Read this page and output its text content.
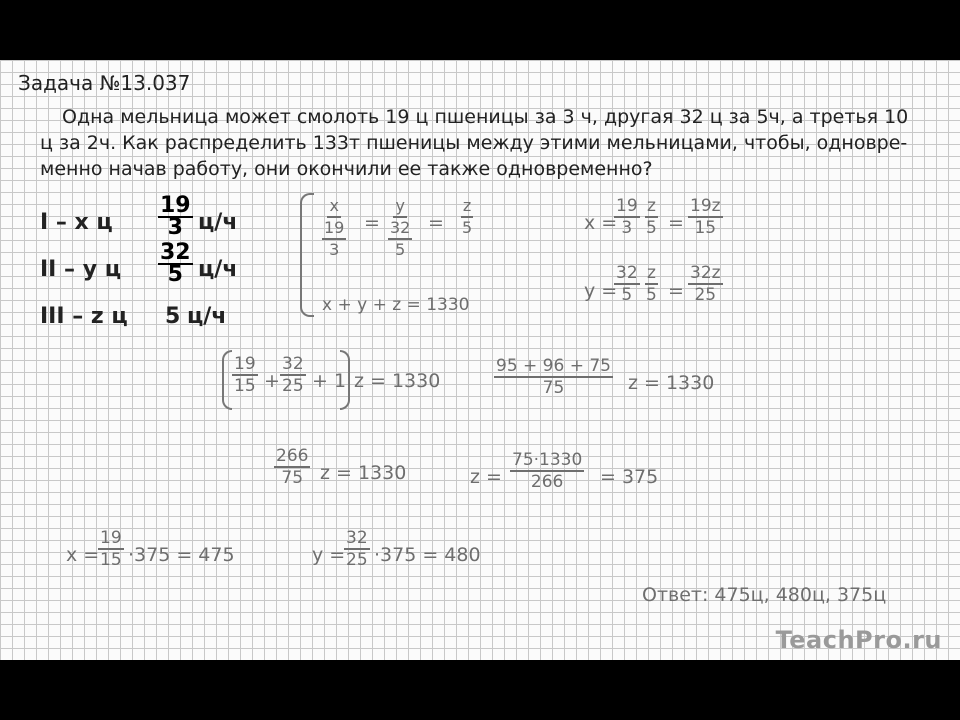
Задача №13.037
Одна мельница может смолоть 19 ц пшеницы за 3 ч, другая 32 ц за 5ч, а третья 10
ц за 2ч. Как распределить 133т пшеницы между этими мельницами, чтобы, одновре-
менно начав работу, они окончили ее также одновременно?
I – x ц $\frac{19}{3} ц/ч$
II – y ц $\frac{32}{5} ц/ч$
III – z ц 5 ц/ч
x
19
3
=
y
32
5
= $\frac{z}{5}$
x + y + z = 1330
x =
$\frac{19}{3} \frac{z}{5} = \frac{19z}{15}$
y =
$\frac{32}{5} \frac{z}{5} = \frac{32z}{25}$
$\frac{19}{15} + \frac{32}{25} + 1$ z = 1330	$\frac{95 + 96 + 75}{75}$ z = 1330
$\frac{266}{75}$ z = 1330	$z = \frac{75\cdot 1330}{266} = 375$
x =
$\frac{19}{15} \cdot 375 = 475$	y =
$\frac{32}{25} \cdot 375 = 480$
Ответ: 475ц, 480ц, 375ц
TeachPro.ru
